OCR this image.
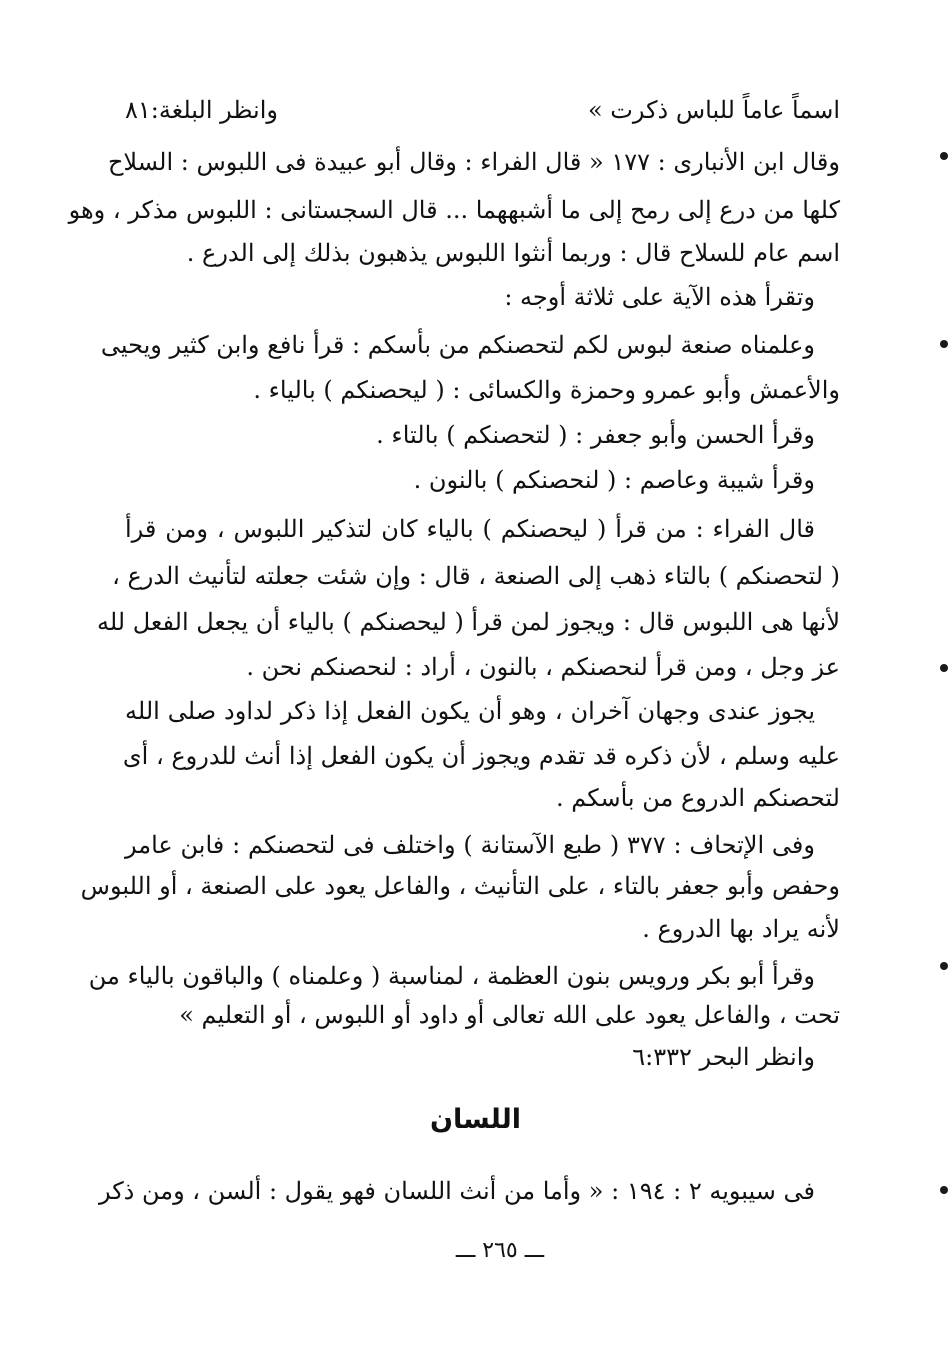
اسماً عاماً للباس ذكرت »
وانظر البلغة:٨١
وقال ابن الأنبارى : ١٧٧ « قال الفراء : وقال أبو عبيدة فى اللبوس : السلاح
كلها من درع إلى رمح إلى ما أشبههما ... قال السجستانى : اللبوس مذكر ، وهو
اسم عام للسلاح قال : وربما أنثوا اللبوس يذهبون بذلك إلى الدرع .
وتقرأ هذه الآية على ثلاثة أوجه :
وعلمناه صنعة لبوس لكم لتحصنكم من بأسكم : قرأ نافع وابن كثير ويحيى
والأعمش وأبو عمرو وحمزة والكسائى : ( ليحصنكم ) بالياء .
وقرأ الحسن وأبو جعفر : ( لتحصنكم ) بالتاء .
وقرأ شيبة وعاصم : ( لنحصنكم ) بالنون .
قال الفراء : من قرأ ( ليحصنكم ) بالياء كان لتذكير اللبوس ، ومن قرأ
( لتحصنكم ) بالتاء ذهب إلى الصنعة ، قال : وإن شئت جعلته لتأنيث الدرع ،
لأنها هى اللبوس قال : ويجوز لمن قرأ ( ليحصنكم ) بالياء أن يجعل الفعل لله
عز وجل ، ومن قرأ لنحصنكم ، بالنون ، أراد : لنحصنكم نحن .
يجوز عندى وجهان آخران ، وهو أن يكون الفعل إذا ذكر لداود صلى الله
عليه وسلم ، لأن ذكره قد تقدم ويجوز أن يكون الفعل إذا أنث للدروع ، أى
لتحصنكم الدروع من بأسكم .
وفى الإتحاف : ٣٧٧ ( طبع الآستانة ) واختلف فى لتحصنكم : فابن عامر
وحفص وأبو جعفر بالتاء ، على التأنيث ، والفاعل يعود على الصنعة ، أو اللبوس
لأنه يراد بها الدروع .
وقرأ أبو بكر ورويس بنون العظمة ، لمناسبة ( وعلمناه ) والباقون بالياء من
تحت ، والفاعل يعود على الله تعالى أو داود أو اللبوس ، أو التعليم »
وانظر البحر ٦:٣٣٢
اللسان
فى سيبويه ٢ : ١٩٤ : « وأما من أنث اللسان فهو يقول : ألسن ، ومن ذكر
ـــ ٢٦٥ ـــ
